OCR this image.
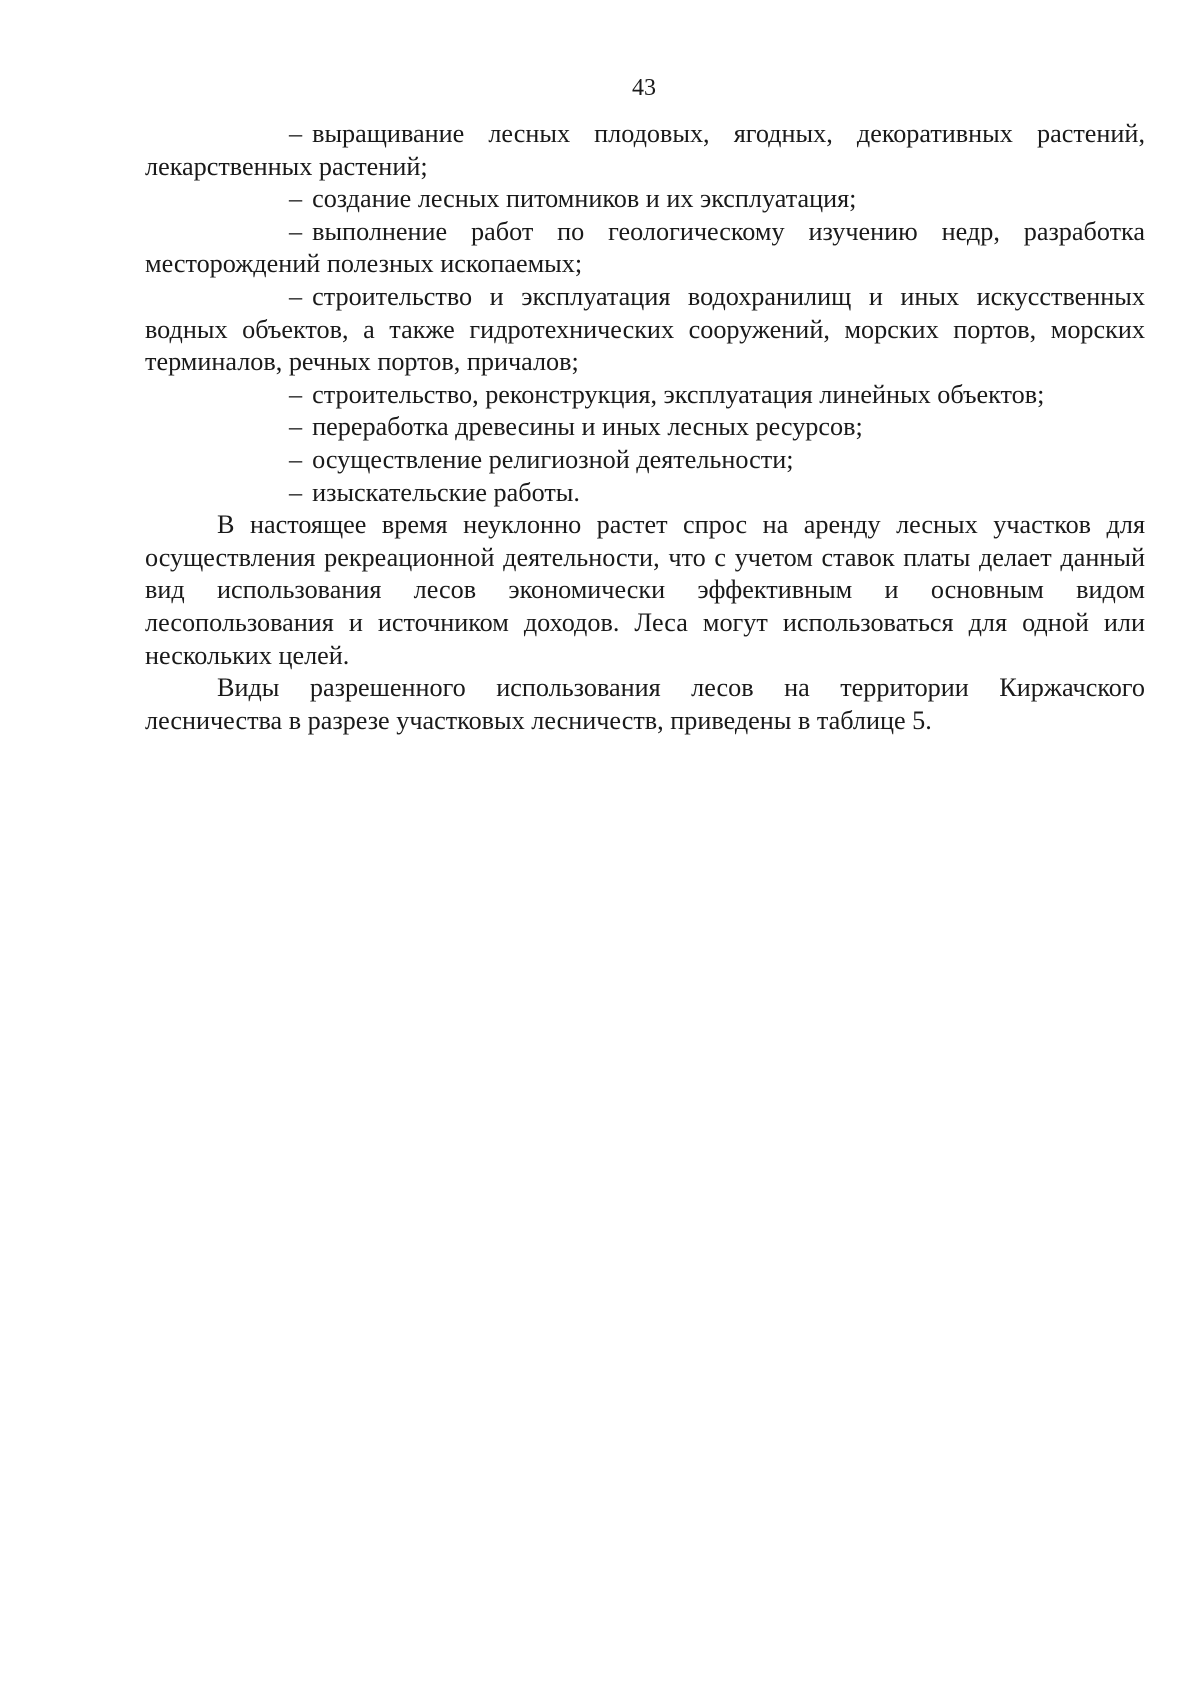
43

– выращивание лесных плодовых, ягодных, декоративных растений, лекарственных растений;

– создание лесных питомников и их эксплуатация;

– выполнение работ по геологическому изучению недр, разработка месторождений полезных ископаемых;

– строительство и эксплуатация водохранилищ и иных искусственных водных объектов, а также гидротехнических сооружений, морских портов, морских терминалов, речных портов, причалов;

– строительство, реконструкция, эксплуатация линейных объектов;

– переработка древесины и иных лесных ресурсов;

– осуществление религиозной деятельности;

– изыскательские работы.

В настоящее время неуклонно растет спрос на аренду лесных участков для осуществления рекреационной деятельности, что с учетом ставок платы делает данный вид использования лесов экономически эффективным и основным видом лесопользования и источником доходов. Леса могут использоваться для одной или нескольких целей.

Виды разрешенного использования лесов на территории Киржачского лесничества в разрезе участковых лесничеств, приведены в таблице 5.
